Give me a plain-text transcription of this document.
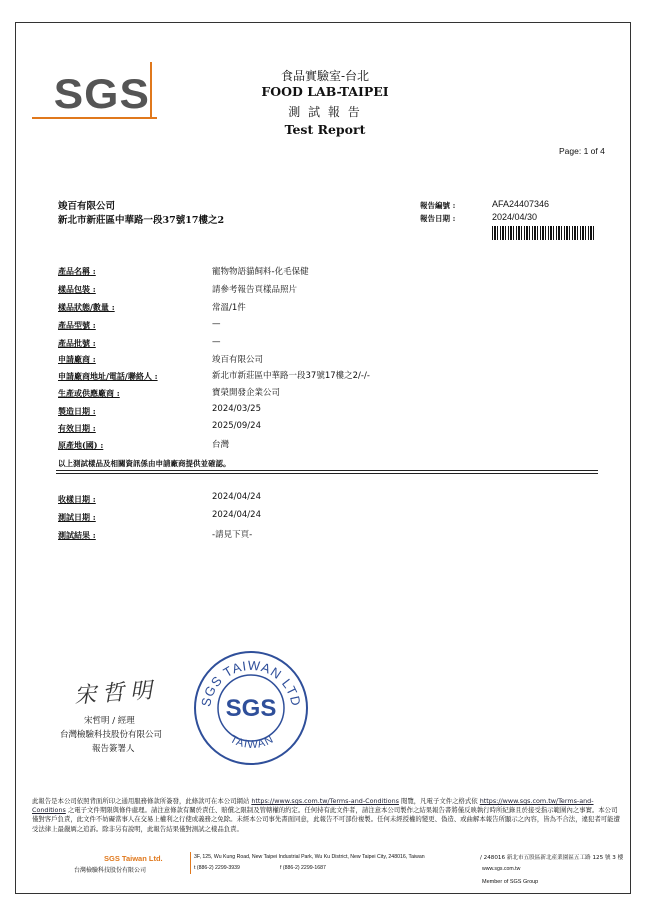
SGS	食品實驗室-台北
FOOD LAB-TAIPEI
測 試 報 告
Test Report
Page: 1 of 4
竣百有限公司
新北市新莊區中華路一段37號17樓之2
報告編號 :	AFA24407346
報告日期 :	2024/04/30
產品名稱 :	寵物物語貓飼料-化毛保健
樣品包裝 :	請參考報告頁樣品照片
樣品狀態/數量 :	常溫/1件
產品型號 :	—
產品批號 :	—
申請廠商 :	竣百有限公司
申請廠商地址/電話/聯絡人 :	新北市新莊區中華路一段37號17樓之2/-/-
生產或供應廠商 :	寶榮開發企業公司
製造日期 :	2024/03/25
有效日期 :	2025/09/24
原產地(國) :	台灣
以上測試樣品及相關資訊係由申請廠商提供並確認。
收樣日期 :	2024/04/24
測試日期 :	2024/04/24
測試結果 :	-請見下頁-
宋哲明
宋哲明 / 經理
台灣檢驗科技股份有限公司
報告簽署人
SGS TAIWAN LTD
TAIWAN
SGS
此報告是本公司依照背面所印之通用服務條款所簽發，此條款可在本公司網站 https://www.sgs.com.tw/Terms-and-Conditions 閱覽，凡電子文件之格式依 https://www.sgs.com.tw/Terms-and-Conditions 之電子文件期限與條件處理。請注意條款有關於責任、賠償之限制及管轄權的約定。任何持有此文件者，請注意本公司製作之結果報告書將僅反映執行時所紀錄且於接受指示範圍內之事實。本公司僅對客戶負責，此文件不妨礙當事人在交易上權利之行使或義務之免除。未經本公司事先書面同意，此報告不可部份複製。任何未經授權的變更、偽造、或曲解本報告所顯示之內容，皆為不合法，違犯者可能遭受法律上最嚴厲之追訴。除非另有說明，此報告結果僅對測試之樣品負責。
SGS Taiwan Ltd.
台灣檢驗科技股份有限公司
3F, 125, Wu Kung Road, New Taipei Industrial Park, Wu Ku District, New Taipei City, 248016, Taiwan	/ 248016 新北市五股區新北產業園區五工路 125 號 3 樓
t (886-2) 2299-3939	f (886-2) 2299-1687	www.sgs.com.tw
Member of SGS Group
